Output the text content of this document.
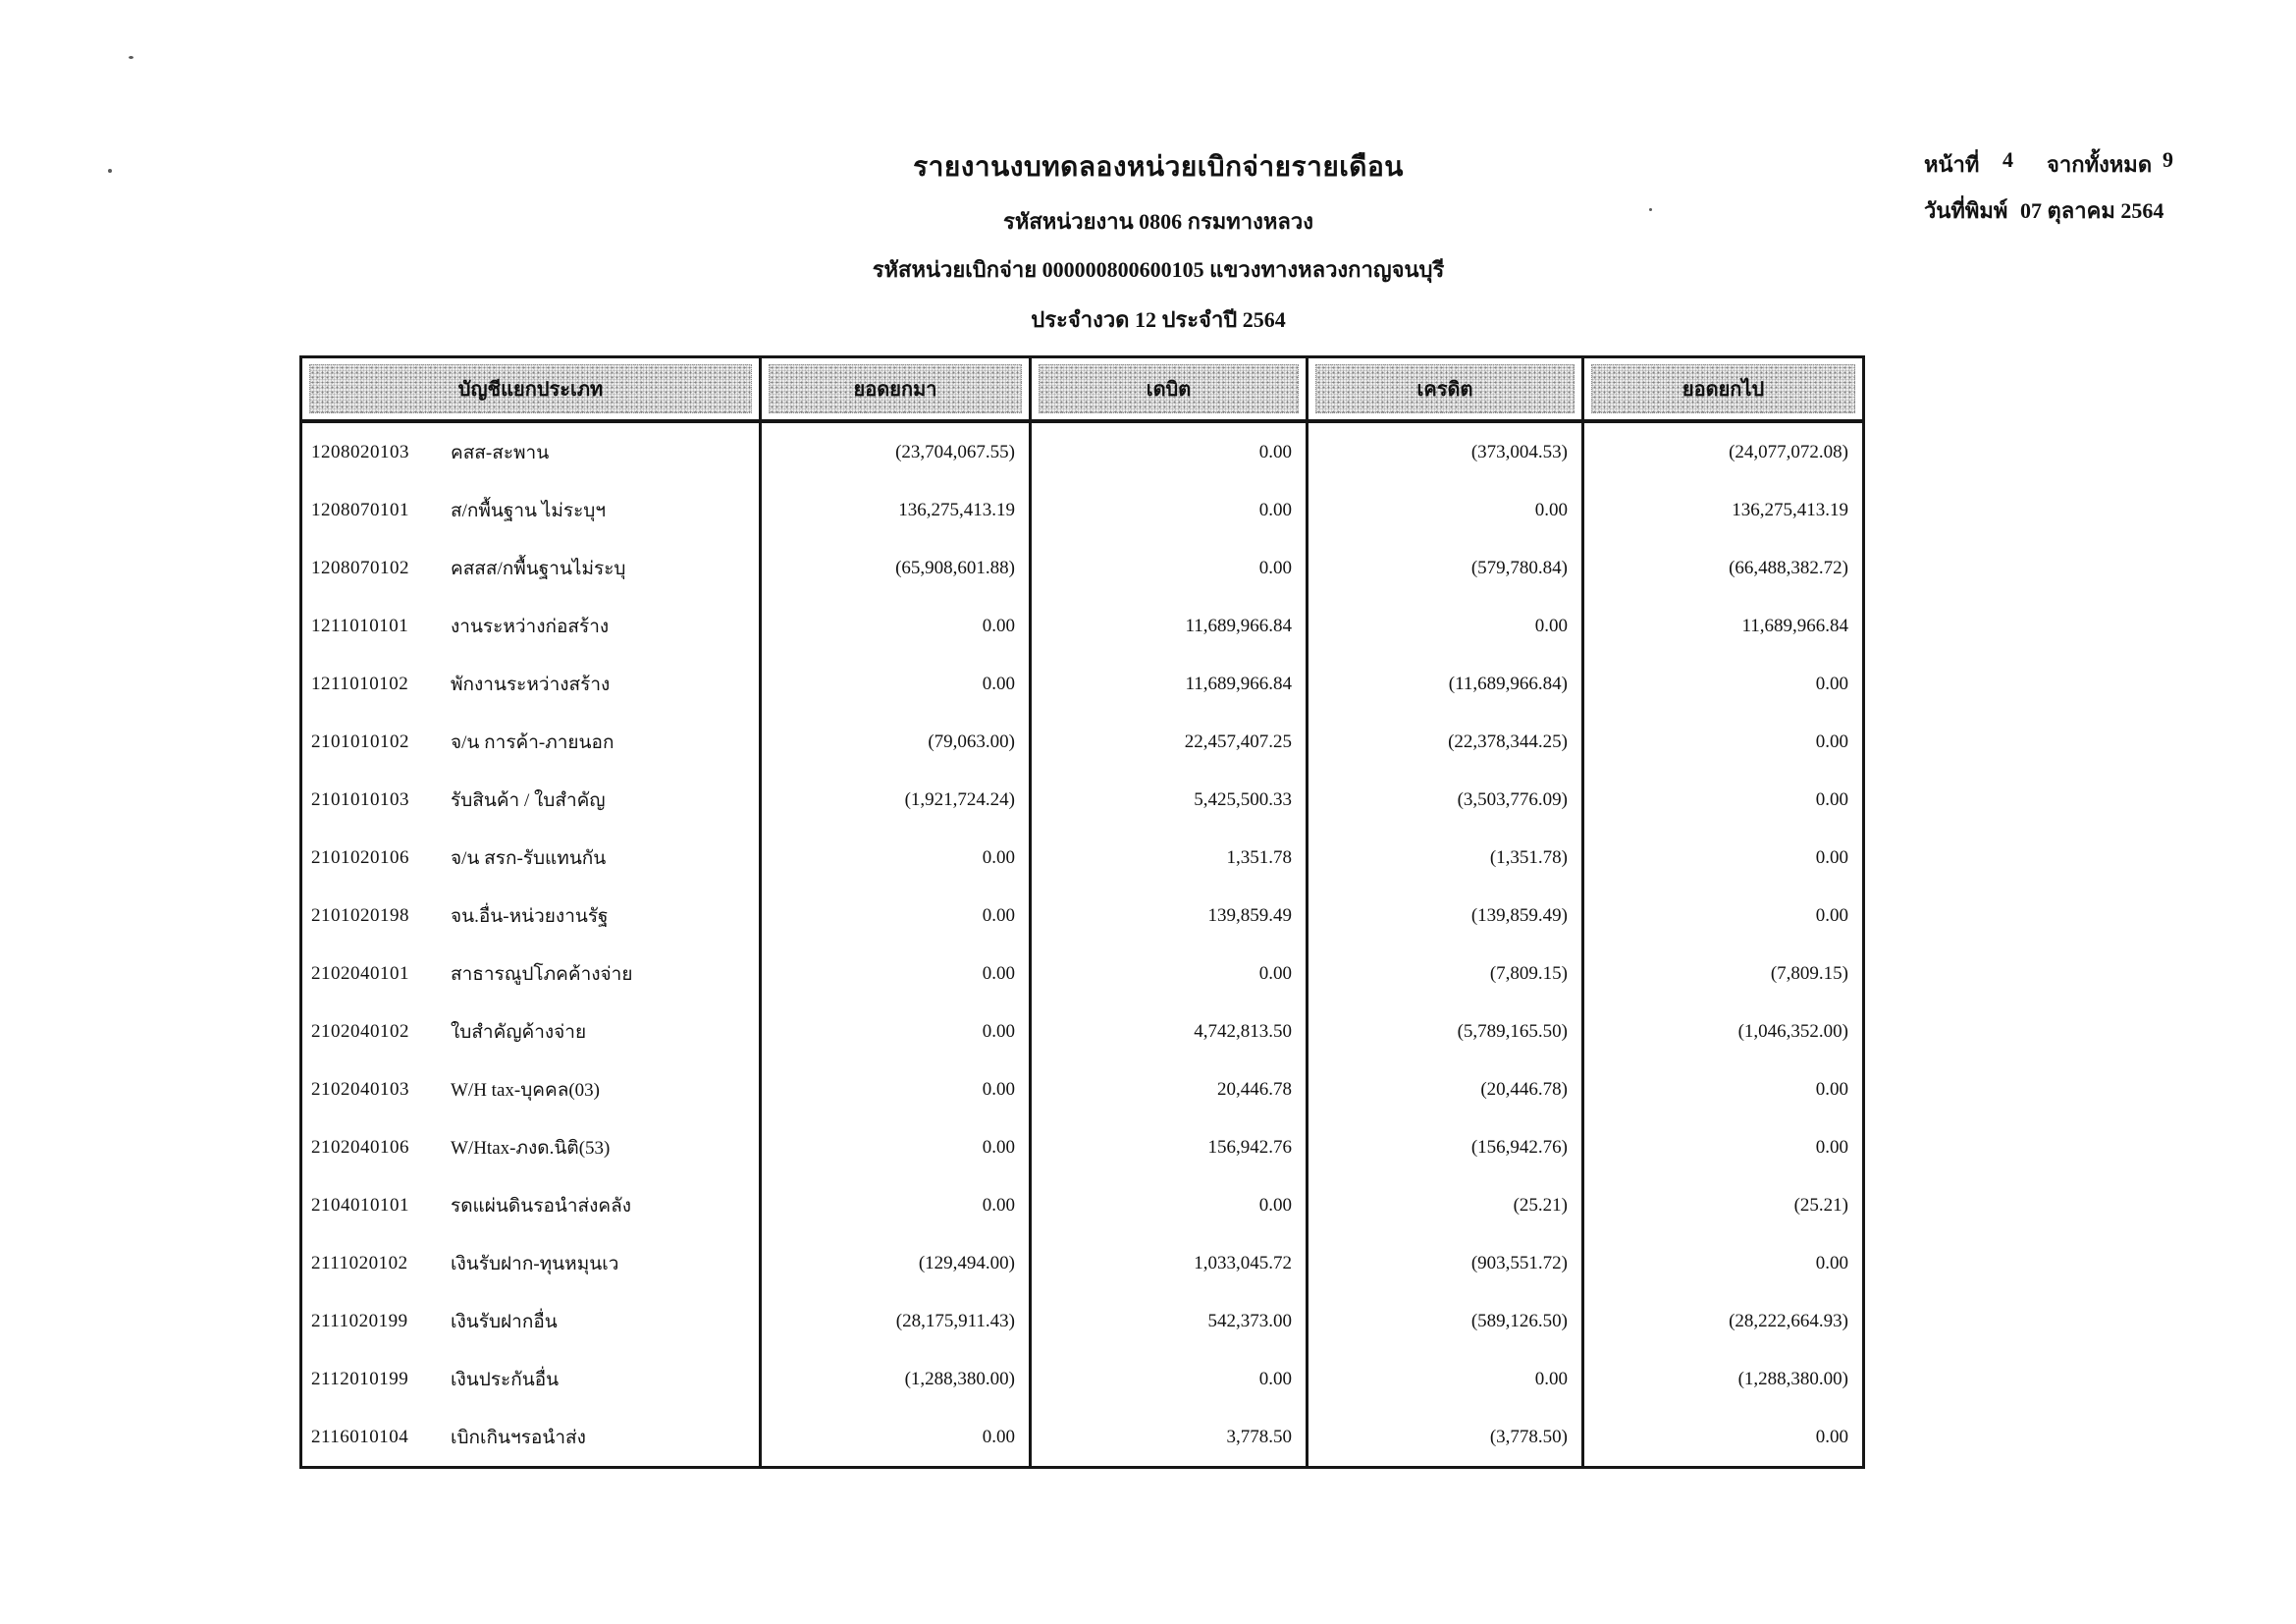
รายงานงบทดลองหน่วยเบิกจ่ายรายเดือน
รหัสหน่วยงาน 0806 กรมทางหลวง
รหัสหน่วยเบิกจ่าย 000000800600105 แขวงทางหลวงกาญจนบุรี
ประจำงวด 12 ประจำปี 2564
หน้าที่	4	จากทั้งหมด 9
วันที่พิมพ์ 07 ตุลาคม 2564
บัญชีแยกประเภท	ยอดยกมา	เดบิต	เครดิต	ยอดยกไป
1208020103	คสส-สะพาน	(23,704,067.55)	0.00	(373,004.53)	(24,077,072.08)
1208070101	ส/กพื้นฐาน ไม่ระบุฯ	136,275,413.19	0.00	0.00	136,275,413.19
1208070102	คสสส/กพื้นฐานไม่ระบุ	(65,908,601.88)	0.00	(579,780.84)	(66,488,382.72)
1211010101	งานระหว่างก่อสร้าง	0.00	11,689,966.84	0.00	11,689,966.84
1211010102	พักงานระหว่างสร้าง	0.00	11,689,966.84	(11,689,966.84)	0.00
2101010102	จ/น การค้า-ภายนอก	(79,063.00)	22,457,407.25	(22,378,344.25)	0.00
2101010103	รับสินค้า / ใบสำคัญ	(1,921,724.24)	5,425,500.33	(3,503,776.09)	0.00
2101020106	จ/น สรก-รับแทนกัน	0.00	1,351.78	(1,351.78)	0.00
2101020198	จน.อื่น-หน่วยงานรัฐ	0.00	139,859.49	(139,859.49)	0.00
2102040101	สาธารณูปโภคค้างจ่าย	0.00	0.00	(7,809.15)	(7,809.15)
2102040102	ใบสำคัญค้างจ่าย	0.00	4,742,813.50	(5,789,165.50)	(1,046,352.00)
2102040103	W/H tax-บุคคล(03)	0.00	20,446.78	(20,446.78)	0.00
2102040106	W/Htax-ภงด.นิติ(53)	0.00	156,942.76	(156,942.76)	0.00
2104010101	รดแผ่นดินรอนำส่งคลัง	0.00	0.00	(25.21)	(25.21)
2111020102	เงินรับฝาก-ทุนหมุนเว	(129,494.00)	1,033,045.72	(903,551.72)	0.00
2111020199	เงินรับฝากอื่น	(28,175,911.43)	542,373.00	(589,126.50)	(28,222,664.93)
2112010199	เงินประกันอื่น	(1,288,380.00)	0.00	0.00	(1,288,380.00)
2116010104	เบิกเกินฯรอนำส่ง	0.00	3,778.50	(3,778.50)	0.00
